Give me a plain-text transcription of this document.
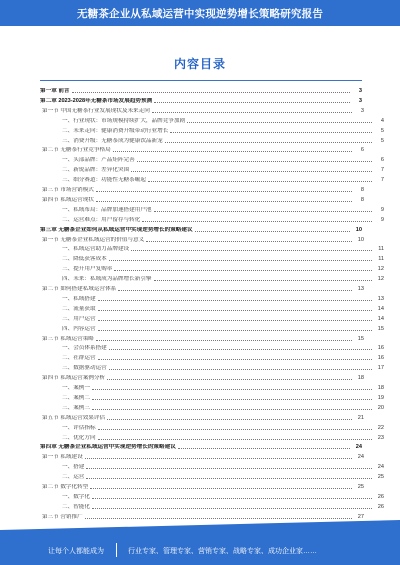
无糖茶企业从私域运营中实现逆势增长策略研究报告
内容目录
第一章 前言	3
第二章 2023-2028年无糖茶市场发展趋势预测	3
第一节 中国无糖茶行业发展现状及未来走向	3
一、行业现状：市场规模持续扩大，品牌竞争加剧	4
二、未来走向：健康消费升级带动行业增长	5
三、消费升级：无糖茶成为健康饮品新宠	5
第二节 无糖茶行业竞争格局	6
一、头部品牌：产品矩阵完善	6
二、新锐品牌：差异化突围	7
三、细分赛道：功能性无糖茶崛起	7
第三节 市场营销模式	8
第四节 私域运营现状	8
一、私域布局：品牌加速搭建用户池	9
二、运营难点：用户留存与转化	9
第三章 无糖茶企业如何从私域运营中实现逆势增长的策略建议	10
第一节 无糖茶企业私域运营的价值与意义	10
一、私域运营助力品牌建设	11
二、降低获客成本	11
三、提升用户复购率	12
四、未来：私域成为品牌增长新引擎	12
第二节 如何搭建私域运营体系	13
一、私域搭建	13
二、流量获取	14
三、用户运营	14
四、内容运营	15
第三节 私域运营策略	15
一、会员体系搭建	16
二、社群运营	16
三、数据驱动运营	17
第四节 私域运营案例分析	18
一、案例一	18
二、案例二	19
三、案例三	20
第五节 私域运营效果评估	21
一、评估指标	22
二、优化方向	23
第四章 无糖茶企业私域运营中实现逆势增长的策略建议	24
第一节 私域建设	24
一、搭建	24
二、运营	25
第二节 数字化转型	25
一、数字化	26
二、智能化	26
第三节 营销推广	27
让每个人都能成为	行业专家、管理专家、营销专家、战略专家、成功企业家……
